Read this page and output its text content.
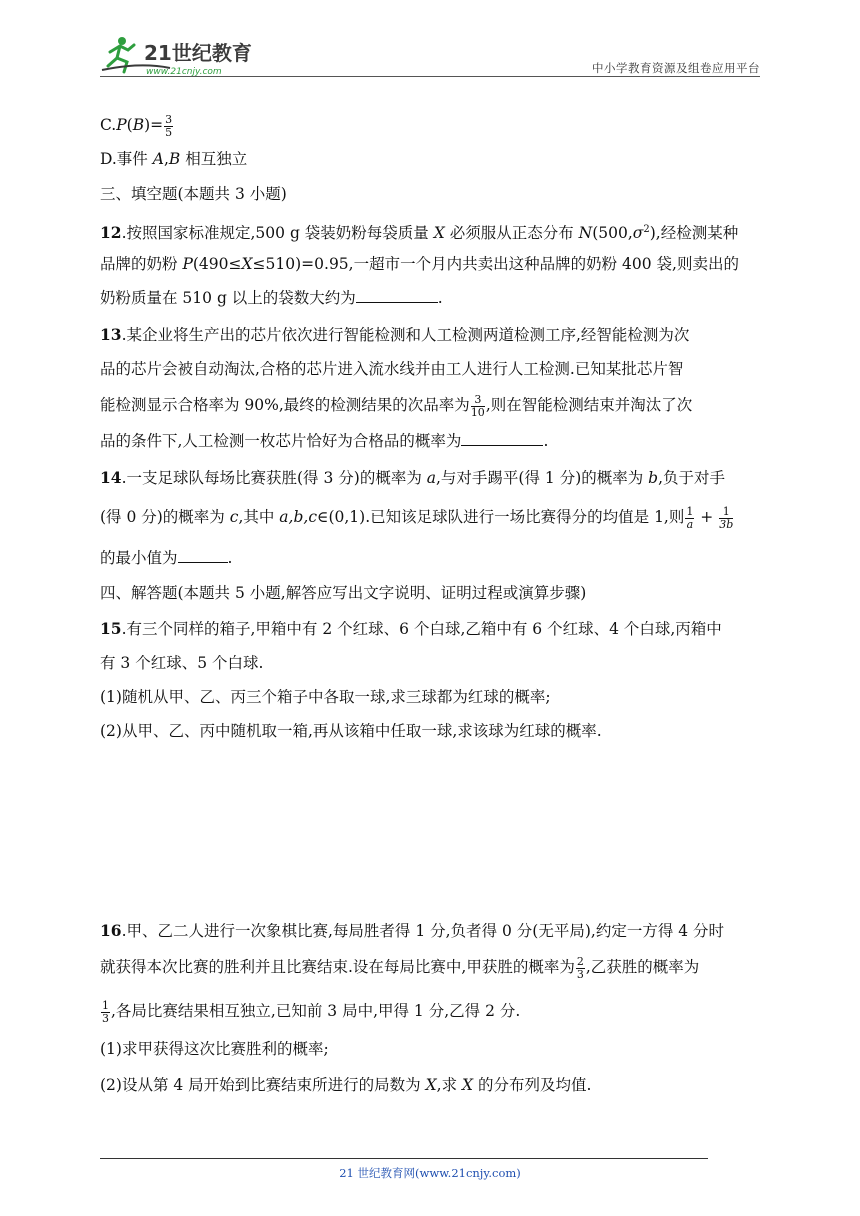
21世纪教育
www.21cnjy.com	中小学教育资源及组卷应用平台
$C.P(B)= \frac{3}{5}$
D.事件 A,B 相互独立
三、填空题(本题共 3 小题)
12.按照国家标准规定,500 g 袋装奶粉每袋质量 X 必须服从正态分布 $N(500,\sigma^2)$,经检测某种
品牌的奶粉 P(490≤X≤510)=0.95,一超市一个月内共卖出这种品牌的奶粉 400 袋,则卖出的
奶粉质量在 510 g 以上的袋数大约为	.
13.某企业将生产出的芯片依次进行智能检测和人工检测两道检测工序,经智能检测为次
品的芯片会被自动淘汰,合格的芯片进入流水线并由工人进行人工检测.已知某批芯片智
能检测显示合格率为 90%,最终的检测结果的次品率为 $\frac{3}{10}$ ,则在智能检测结束并淘汰了次
品的条件下,人工检测一枚芯片恰好为合格品的概率为	.
14.一支足球队每场比赛获胜(得 3 分)的概率为 a,与对手踢平(得 1 分)的概率为 b,负于对手
(得 0 分)的概率为 c,其中 a,b,c∈(0,1).已知该足球队进行一场比赛得分的均值是 1,则 $\frac{1}{a} + \frac{1}{3b}$
的最小值为	.
四、解答题(本题共 5 小题,解答应写出文字说明、证明过程或演算步骤)
15.有三个同样的箱子,甲箱中有 2 个红球、6 个白球,乙箱中有 6 个红球、4 个白球,丙箱中
有 3 个红球、5 个白球.
(1)随机从甲、乙、丙三个箱子中各取一球,求三球都为红球的概率;
(2)从甲、乙、丙中随机取一箱,再从该箱中任取一球,求该球为红球的概率.
16.甲、乙二人进行一次象棋比赛,每局胜者得 1 分,负者得 0 分(无平局),约定一方得 4 分时
就获得本次比赛的胜利并且比赛结束.设在每局比赛中,甲获胜的概率为 $\frac{2}{3}$ ,乙获胜的概率为
$\frac{1}{3}$ ,各局比赛结果相互独立,已知前 3 局中,甲得 1 分,乙得 2 分.
(1)求甲获得这次比赛胜利的概率;
(2)设从第 4 局开始到比赛结束所进行的局数为 X,求 X 的分布列及均值.
21 世纪教育网(www.21cnjy.com)
